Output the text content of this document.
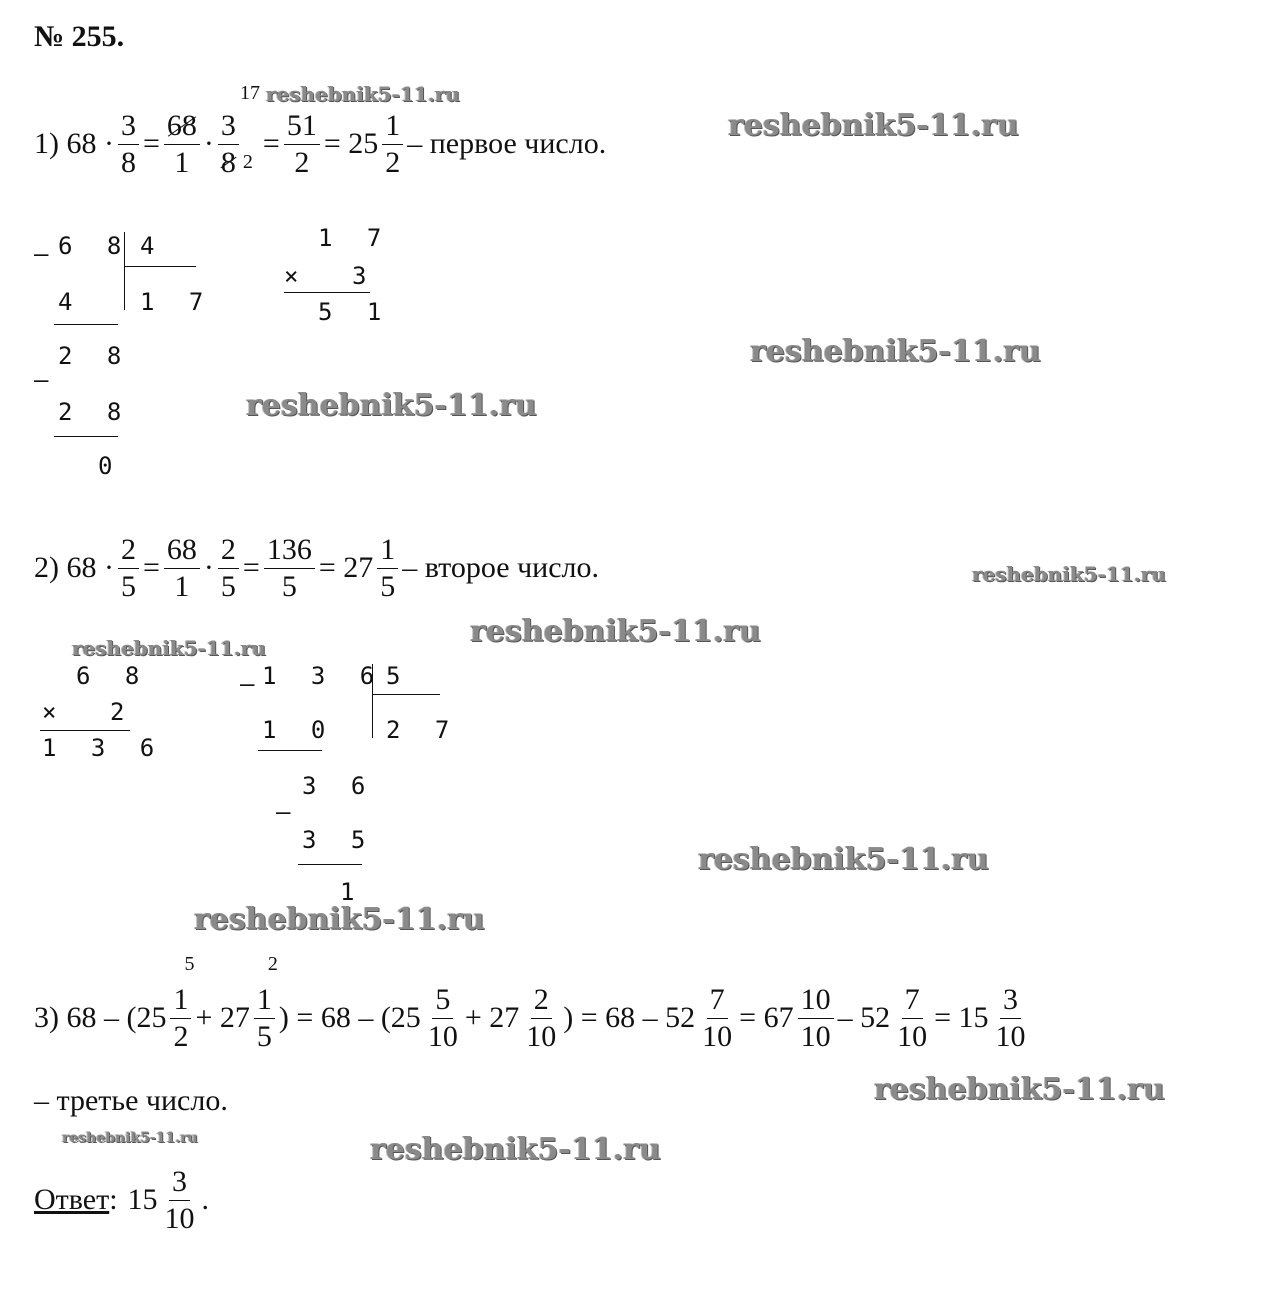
№ 255.
1) $68 \cdot \frac{3}{8} = \frac{68}{1} \cdot \frac{3}{8} 2$
= $\frac{51}{2} = 25 \frac{1}{2}$ – первое число.
17
6 8
–	4
4 1 7
2 8
–
2 8
0
1 7
× 3
5 1
2) $68 \cdot \frac{2}{5} = \frac{68}{1} \cdot \frac{2}{5} = \frac{136}{5} = 27 \frac{1}{5}$ – второе число.
6 8
× 2
1 3 6
–
1 3 6 5
1 0 2 7
3 6
–
3 5
1
3) 68 – (25
5
1
2
+ 27
2
1
5
) = $68 - (25 \frac{5}{10} + 27 \frac{2}{10}$ ) = $68 - 52 \frac{7}{10} = 67 \frac{10}{10} - 52 \frac{7}{10} = 15 \frac{3}{10}$
– третье число.
Ответ : $15 \frac{3}{10}$ .
reshebnik5-11.ru
reshebnik5-11.ru
reshebnik5-11.ru
reshebnik5-11.ru
reshebnik5-11.ru
reshebnik5-11.ru
reshebnik5-11.ru
reshebnik5-11.ru
reshebnik5-11.ru
reshebnik5-11.ru
reshebnik5-11.ru	reshebnik5-11.ru
